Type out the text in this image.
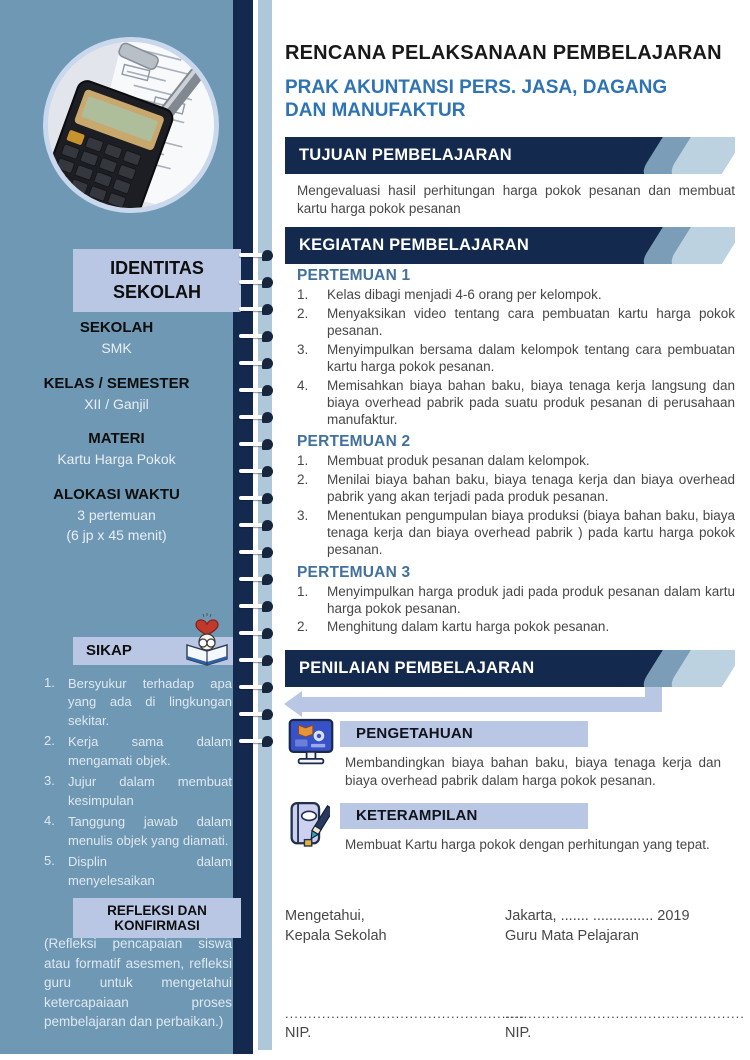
IDENTITAS SEKOLAH
SEKOLAH
SMK
KELAS / SEMESTER
XII / Ganjil
MATERI
Kartu Harga Pokok
ALOKASI WAKTU
3 pertemuan
(6 jp x 45 menit)
SIKAP
1.	Bersyukur terhadap apa yang ada di lingkungan sekitar.
2.	Kerja sama dalam mengamati objek.
3.	Jujur dalam membuat kesimpulan
4.	Tanggung jawab dalam menulis objek yang diamati.
5.	Displin dalam menyelesaikan
REFLEKSI DAN KONFIRMASI
(Refleksi pencapaian siswa atau formatif asesmen, refleksi guru untuk mengetahui ketercapaiaan proses pembelajaran dan perbaikan.)
RENCANA PELAKSANAAN PEMBELAJARAN
PRAK AKUNTANSI PERS. JASA, DAGANG DAN MANUFAKTUR
TUJUAN PEMBELAJARAN
Mengevaluasi hasil perhitungan harga pokok pesanan dan membuat kartu harga pokok pesanan
KEGIATAN PEMBELAJARAN
PERTEMUAN 1
1.	Kelas dibagi menjadi 4-6 orang per kelompok.
2.	Menyaksikan video tentang cara pembuatan kartu harga pokok pesanan.
3.	Menyimpulkan bersama dalam kelompok tentang cara pembuatan kartu harga pokok pesanan.
4.	Memisahkan biaya bahan baku, biaya tenaga kerja langsung dan biaya overhead pabrik pada suatu produk pesanan di perusahaan manufaktur.
PERTEMUAN 2
1.	Membuat produk pesanan dalam kelompok.
2.	Menilai biaya bahan baku, biaya tenaga kerja dan biaya overhead pabrik yang akan terjadi pada produk pesanan.
3.	Menentukan pengumpulan biaya produksi (biaya bahan baku, biaya tenaga kerja dan biaya overhead pabrik ) pada kartu harga pokok pesanan.
PERTEMUAN 3
1.	Menyimpulkan harga produk jadi pada produk pesanan dalam kartu harga pokok pesanan.
2.	Menghitung dalam kartu harga pokok pesanan.
PENILAIAN PEMBELAJARAN
PENGETAHUAN
Membandingkan biaya bahan baku, biaya tenaga kerja dan biaya overhead pabrik dalam harga pokok pesanan.
KETERAMPILAN
Membuat Kartu harga pokok dengan perhitungan yang tepat.
Mengetahui,
Kepala Sekolah
....................................................
NIP.
Jakarta, ....... ............... 2019
Guru Mata Pelajaran
....................................................
NIP.
